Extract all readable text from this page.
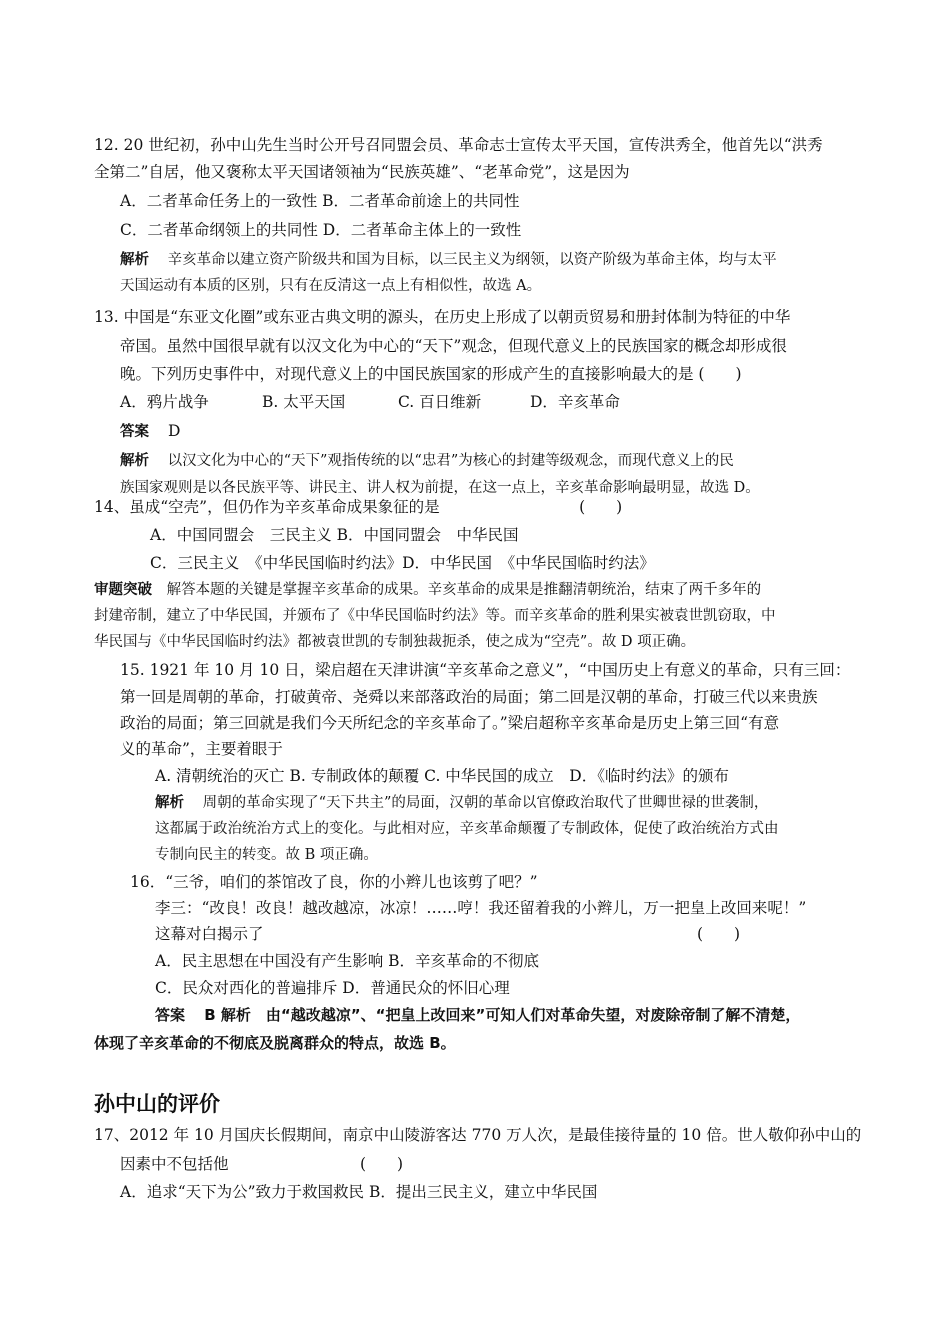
12. 20 世纪初，孙中山先生当时公开号召同盟会员、革命志士宣传太平天国，宣传洪秀全，他首先以“洪秀
全第二”自居，他又褒称太平天国诸领袖为“民族英雄”、“老革命党”，这是因为
A．二者革命任务上的一致性 B．二者革命前途上的共同性
C．二者革命纲领上的共同性 D．二者革命主体上的一致性
解析 辛亥革命以建立资产阶级共和国为目标，以三民主义为纲领，以资产阶级为革命主体，均与太平
天国运动有本质的区别，只有在反清这一点上有相似性，故选 A。
13. 中国是“东亚文化圈”或东亚古典文明的源头，在历史上形成了以朝贡贸易和册封体制为特征的中华
帝国。虽然中国很早就有以汉文化为中心的“天下”观念，但现代意义上的民族国家的概念却形成很
晚。下列历史事件中，对现代意义上的中国民族国家的形成产生的直接影响最大的是 (　　)
A．鸦片战争	B. 太平天国	C. 百日维新	D．辛亥革命
答案 D
解析 以汉文化为中心的“天下”观指传统的以“忠君”为核心的封建等级观念，而现代意义上的民
族国家观则是以各民族平等、讲民主、讲人权为前提，在这一点上，辛亥革命影响最明显，故选 D。
14、虽成“空壳”，但仍作为辛亥革命成果象征的是　　　　　　　　　(　　)
A．中国同盟会　三民主义 B．中国同盟会　中华民国
C．三民主义　《中华民国临时约法》D．中华民国　《中华民国临时约法》
审题突破 解答本题的关键是掌握辛亥革命的成果。辛亥革命的成果是推翻清朝统治，结束了两千多年的
封建帝制，建立了中华民国，并颁布了《中华民国临时约法》等。而辛亥革命的胜利果实被袁世凯窃取，中
华民国与《中华民国临时约法》都被袁世凯的专制独裁扼杀，使之成为“空壳”。故 D 项正确。
15. 1921 年 10 月 10 日，梁启超在天津讲演“辛亥革命之意义”，“中国历史上有意义的革命，只有三回：
第一回是周朝的革命，打破黄帝、尧舜以来部落政治的局面；第二回是汉朝的革命，打破三代以来贵族
政治的局面；第三回就是我们今天所纪念的辛亥革命了。”梁启超称辛亥革命是历史上第三回“有意
义的革命”，主要着眼于
A. 清朝统治的灭亡 B. 专制政体的颠覆 C. 中华民国的成立　D．《临时约法》的颁布
解析 周朝的革命实现了“天下共主”的局面，汉朝的革命以官僚政治取代了世卿世禄的世袭制，
这都属于政治统治方式上的变化。与此相对应，辛亥革命颠覆了专制政体，促使了政治统治方式由
专制向民主的转变。故 B 项正确。
16．“三爷，咱们的茶馆改了良，你的小辫儿也该剪了吧？”
李三：“改良！改良！越改越凉，冰凉！……哼！我还留着我的小辫儿，万一把皇上改回来呢！”
这幕对白揭示了	(　　)
A．民主思想在中国没有产生影响 B．辛亥革命的不彻底
C．民众对西化的普遍排斥 D．普通民众的怀旧心理
答案 B 解析　由“越改越凉”、“把皇上改回来”可知人们对革命失望，对废除帝制了解不清楚，
体现了辛亥革命的不彻底及脱离群众的特点，故选 B。
孙中山的评价
17、2012 年 10 月国庆长假期间，南京中山陵游客达 770 万人次，是最佳接待量的 10 倍。世人敬仰孙中山的
因素中不包括他	(　　)
A．追求“天下为公”致力于救国救民 B．提出三民主义，建立中华民国
